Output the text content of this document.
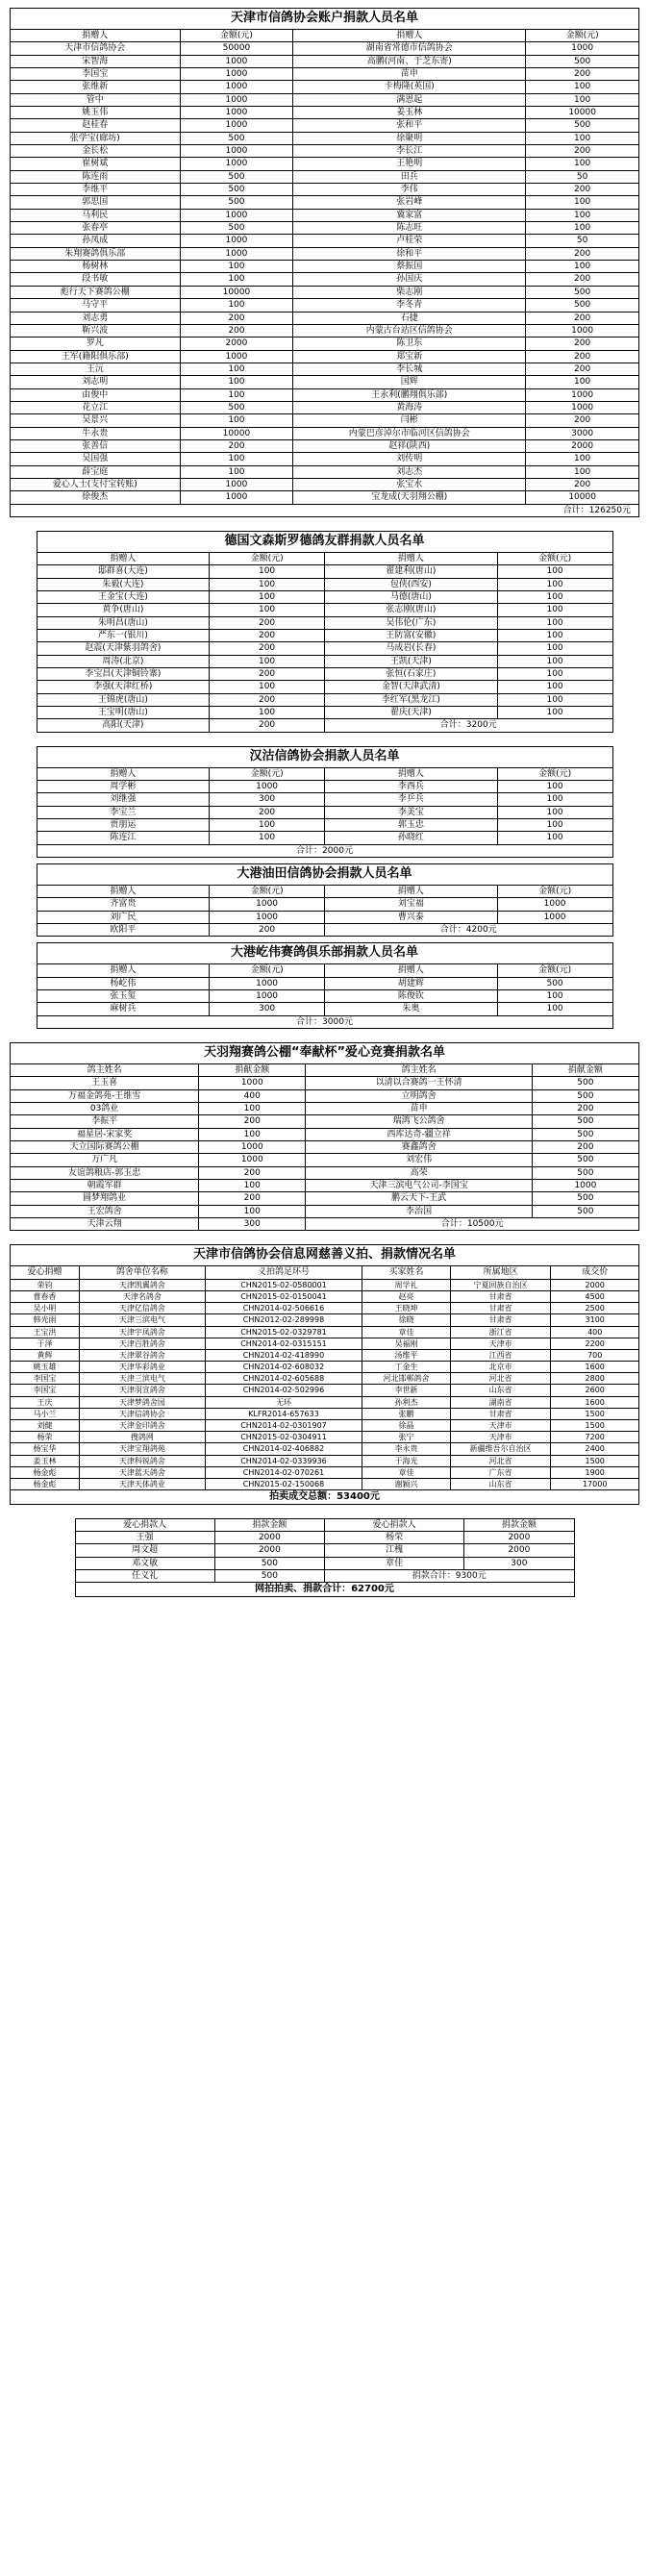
天津市信鸽协会账户捐款人员名单			
捐赠人	金额(元)	捐赠人	金额(元)
天津市信鸽协会	50000	湖南省常德市信鸽协会	1000
宋智海	1000	高鹏(河南、于芝东寄)	500
李国宝	1000	苗申	200
张维新	1000	卡梅隆(英国)	100
管中	1000	满恩起	100
姚玉伟	1000	姜玉林	10000
赵桂春	1000	张和平	500
张学宝(廊坊)	500	徐聚明	100
金长松	1000	李长江	200
崔树斌	1000	王艳明	100
陈连雨	500	田兵	50
李维平	500	李伟	200
郭思国	500	张岩峰	100
马利民	1000	冀家富	100
张春亭	500	陈志旺	100
孙凤成	1000	卢桂荣	50
朱翔赛鸽俱乐部	1000	徐和平	200
杨树林	100	蔡振国	100
段书敏	100	孙国庆	200
彪行天下赛鸽公棚	10000	柴志刚	500
马守平	100	李冬青	500
刘志勇	200	石捷	200
靳兴波	200	内蒙古台站区信鸽协会	1000
罗凡	2000	陈卫东	200
王军(籍阳俱乐部)	1000	郑宝新	200
王沅	100	李长城	200
刘志明	100	国辉	100
由俊中	100	王永利(鹏翔俱乐部)	1000
花立江	500	黄海涛	1000
吴景兴	100	闫彬	200
牛永贵	10000	内蒙巴彦淖尔市临河区信鸽协会	3000
张善信	200	赵祥(陕西)	2000
吴国强	100	刘传明	100
薛宝庭	100	刘志杰	100
爱心人士(支付宝转账)	1000	张宝水	200
徐俊杰	1000	宝龙成(天羽翔公棚)	10000
合计：126250元			
德国文森斯罗德鸽友群捐款人员名单			
捐赠人	金额(元)	捐赠人	金额(元)
邸群喜(大连)	100	翟建利(唐山)	100
朱毅(大连)	100	包侠(西安)	100
王金宝(大连)	100	马德(唐山)	100
黄争(唐山)	100	张志刚(唐山)	100
朱明昌(唐山)	200	吴伟伦(广东)	100
严东一(银川)	200	王防富(安徽)	100
赵震(天津紫羽鸽舍)	200	马成岩(长春)	100
周涛(北京)	100	王凯(天津)	100
李宝昌(天津铜铃寨)	200	张恒(石家庄)	100
李强(天津红桥)	100	金智(天津武清)	100
王锦虎(唐山)	200	李红军(黑龙江)	100
王宝明(唐山)	100	翟庆(天津)	100
高阳(天津)	200	合计：3200元	
汉沽信鸽协会捐款人员名单			
捐赠人	金额(元)	捐赠人	金额(元)
周学彬	1000	李西兵	100
刘继强	300	李乒兵	100
李宝兰	200	李美宝	100
贾朋运	100	郭玉忠	100
陈连江	100	孙晓红	100
合计：2000元			
大港油田信鸽协会捐款人员名单			
捐赠人	金额(元)	捐赠人	金额(元)
齐富贵	1000	刘宝福	1000
刘广民	1000	曹兴泰	1000
欧阳平	200	合计：4200元	
大港屹伟赛鸽俱乐部捐款人员名单			
捐赠人	金额(元)	捐赠人	金额(元)
杨屹伟	1000	胡建辉	500
张玉玺	1000	陈俊钦	100
麻树兵	300	朱奥	100
合计：3000元			
天羽翔赛鸽公棚“奉献杯”爱心竞赛捐款名单			
鸽主姓名	捐献金额	鸽主姓名	捐献金额
王玉喜	1000	以清以合赛鸽一王怀清	500
万福金鸽苑-王维雪	400	立明鸽舍	500
03鸽业	100	苗申	200
李振平	200	瑞鸿飞公鸽舍	500
福星居-宋家奖	100	西库达奇-疆立祥	500
天立国际赛鸽公棚	1000	赛鑫鸽舍	200
万广凡	1000	刘宏伟	500
友谊鸽粮店-郭玉忠	200	高荣	500
朝霞军群	100	天津三滨电气公司-李国宝	1000
圆梦翔鸽业	200	鹏云天下-王武	500
王宏鸽舍	100	李治国	500
天津云翔	300	合计：10500元	
天津市信鸽协会信息网慈善义拍、捐款情况名单					
爱心捐赠	鸽舍单位名称	义拍鸽足环号	买家姓名	所属地区	成交价
荣钧	天津凯翼鸽舍	CHN2015-02-0580001	周学礼	宁夏回族自治区	2000
曹春香	天津名鸽舍	CHN2015-02-0150041	赵亮	甘肃省	4500
吴小明	天津亿信鸽舍	CHN2014-02-506616	王晓坤	甘肃省	2500
韩光雨	天津三滨电气	CHN2012-02-289998	徐晓	甘肃省	3100
王宝洪	天津宇凤鸽舍	CHN2015-02-0329781	章佳	浙江省	400
于泽	天津百胜鸽舍	CHN2014-02-0315151	吴福刚	天津市	2200
黄辉	天津翠谷鸽舍	CHN2014-02-418990	汤维平	江西省	700
姚玉雄	天津华彩鸽业	CHN2014-02-608032	丁金生	北京市	1600
李国宝	天津三滨电气	CHN2014-02-605688	河北邯郸鸽舍	河北省	2800
李国宝	天津羽宣鸽舍	CHN2014-02-502996	李世新	山东省	2600
王庆	天津梦鸽舍园	无环	孙利杰	湖南省	1600
马小兰	天津信鸽协会	KLFR2014-657633	张鹏	甘肃省	1500
刘健	天津金印鸽舍	CHN2014-02-0301907	徐晶	天津市	1500
杨荣	搜鸽网	CHN2015-02-0304911	张宁	天津市	7200
杨宝华	天津宝翔鸽苑	CHN2014-02-406882	李永贵	新疆维吾尔自治区	2400
姜玉林	天津科锐鸽舍	CHN2014-02-0339936	于海光	河北省	1500
杨金彪	天津蓝天鸽舍	CHN2014-02-070261	章佳	广东省	1900
杨金彪	天津天体鸽业	CHN2015-02-150068	谢颖兴	山东省	17000
拍卖成交总额：53400元					
爱心捐款人	捐款金额	爱心捐款人	捐款金额
王强	2000	杨荣	2000
周文超	2000	江槐	2000
邓文敏	500	章佳	300
任义礼	500	捐款合计：9300元	
网拍拍卖、捐款合计：62700元			
